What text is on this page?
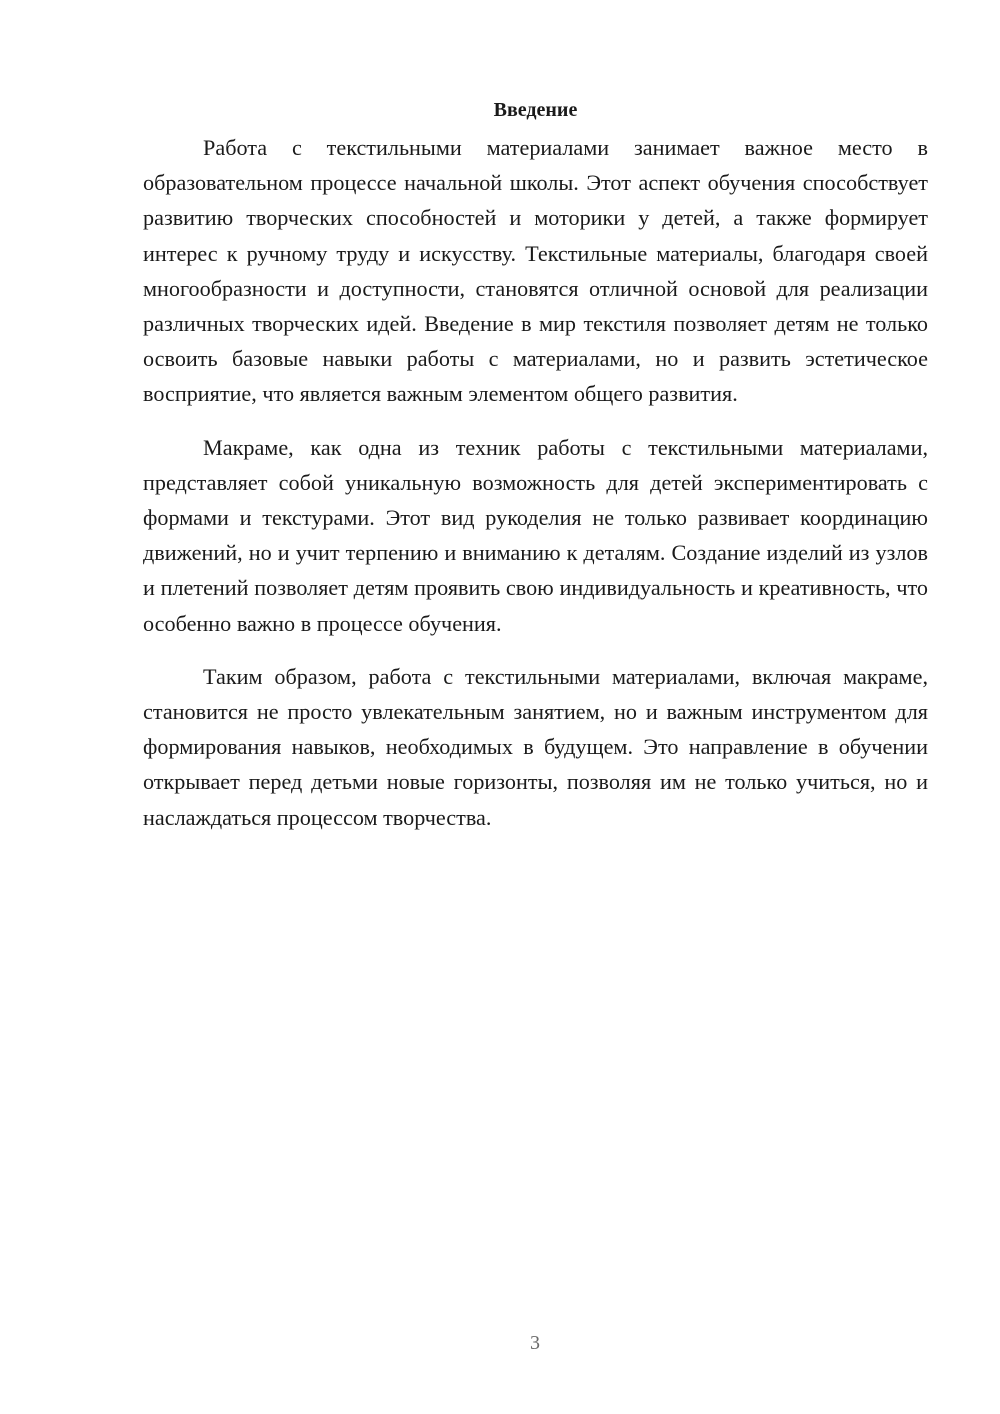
Введение

Работа с текстильными материалами занимает важное место в образовательном процессе начальной школы. Этот аспект обучения способствует развитию творческих способностей и моторики у детей, а также формирует интерес к ручному труду и искусству. Текстильные материалы, благодаря своей многообразности и доступности, становятся отличной основой для реализации различных творческих идей. Введение в мир текстиля позволяет детям не только освоить базовые навыки работы с материалами, но и развить эстетическое восприятие, что является важным элементом общего развития.

Макраме, как одна из техник работы с текстильными материалами, представляет собой уникальную возможность для детей экспериментировать с формами и текстурами. Этот вид рукоделия не только развивает координацию движений, но и учит терпению и вниманию к деталям. Создание изделий из узлов и плетений позволяет детям проявить свою индивидуальность и креативность, что особенно важно в процессе обучения.

Таким образом, работа с текстильными материалами, включая макраме, становится не просто увлекательным занятием, но и важным инструментом для формирования навыков, необходимых в будущем. Это направление в обучении открывает перед детьми новые горизонты, позволяя им не только учиться, но и наслаждаться процессом творчества.

3
